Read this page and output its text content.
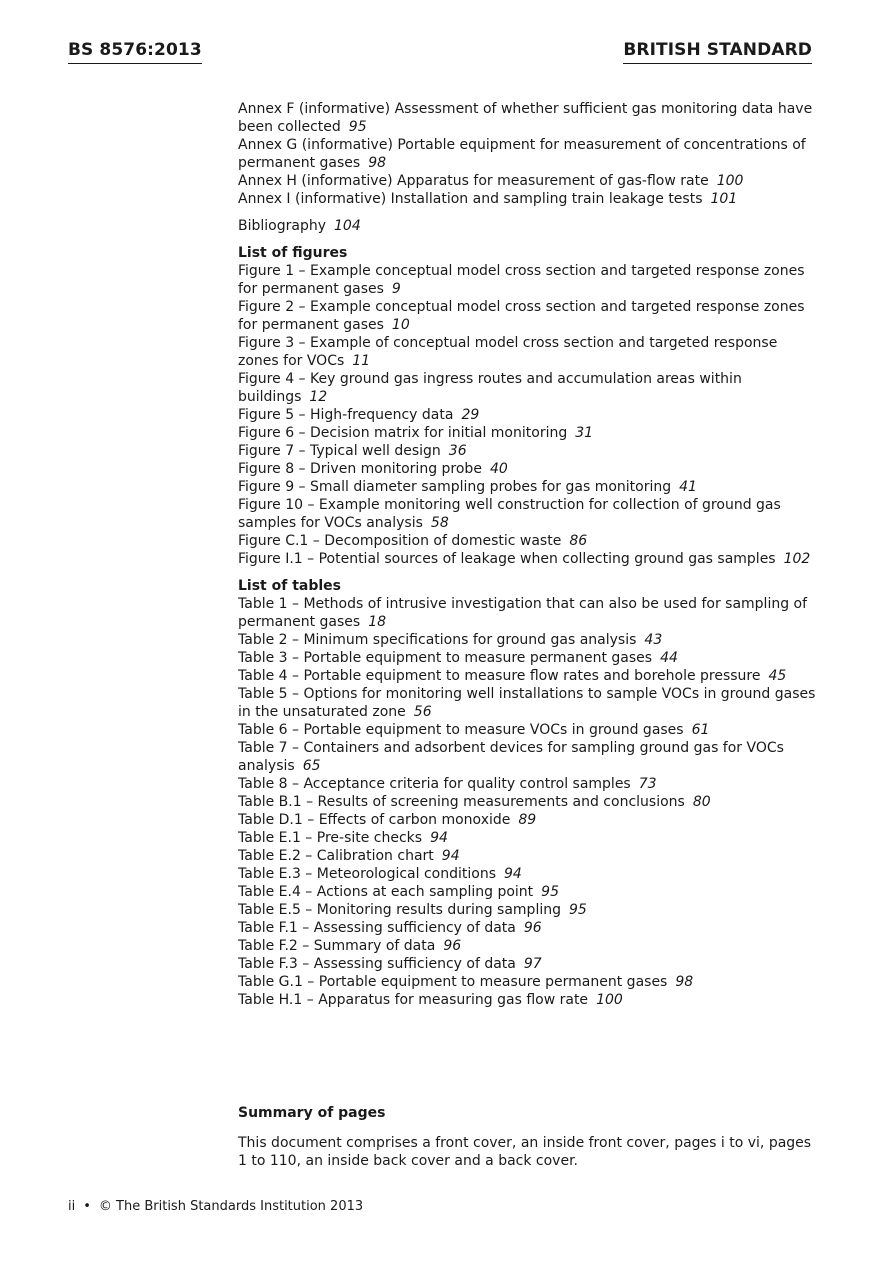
BS 8576:2013	BRITISH STANDARD

Annex F (informative) Assessment of whether sufficient gas monitoring data have been collected 95

Annex G (informative) Portable equipment for measurement of concentrations of permanent gases 98

Annex H (informative) Apparatus for measurement of gas-flow rate 100

Annex I (informative) Installation and sampling train leakage tests 101

Bibliography 104

List of figures

Figure 1 – Example conceptual model cross section and targeted response zones for permanent gases 9

Figure 2 – Example conceptual model cross section and targeted response zones for permanent gases 10

Figure 3 – Example of conceptual model cross section and targeted response zones for VOCs 11

Figure 4 – Key ground gas ingress routes and accumulation areas within buildings 12

Figure 5 – High-frequency data 29

Figure 6 – Decision matrix for initial monitoring 31

Figure 7 – Typical well design 36

Figure 8 – Driven monitoring probe 40

Figure 9 – Small diameter sampling probes for gas monitoring 41

Figure 10 – Example monitoring well construction for collection of ground gas samples for VOCs analysis 58

Figure C.1 – Decomposition of domestic waste 86

Figure I.1 – Potential sources of leakage when collecting ground gas samples 102

List of tables

Table 1 – Methods of intrusive investigation that can also be used for sampling of permanent gases 18

Table 2 – Minimum specifications for ground gas analysis 43

Table 3 – Portable equipment to measure permanent gases 44

Table 4 – Portable equipment to measure flow rates and borehole pressure 45

Table 5 – Options for monitoring well installations to sample VOCs in ground gases in the unsaturated zone 56

Table 6 – Portable equipment to measure VOCs in ground gases 61

Table 7 – Containers and adsorbent devices for sampling ground gas for VOCs analysis 65

Table 8 – Acceptance criteria for quality control samples 73

Table B.1 – Results of screening measurements and conclusions 80

Table D.1 – Effects of carbon monoxide 89

Table E.1 – Pre-site checks 94

Table E.2 – Calibration chart 94

Table E.3 – Meteorological conditions 94

Table E.4 – Actions at each sampling point 95

Table E.5 – Monitoring results during sampling 95

Table F.1 – Assessing sufficiency of data 96

Table F.2 – Summary of data 96

Table F.3 – Assessing sufficiency of data 97

Table G.1 – Portable equipment to measure permanent gases 98

Table H.1 – Apparatus for measuring gas flow rate 100

Summary of pages
This document comprises a front cover, an inside front cover, pages i to vi, pages 1 to 110, an inside back cover and a back cover.
ii • © The British Standards Institution 2013
